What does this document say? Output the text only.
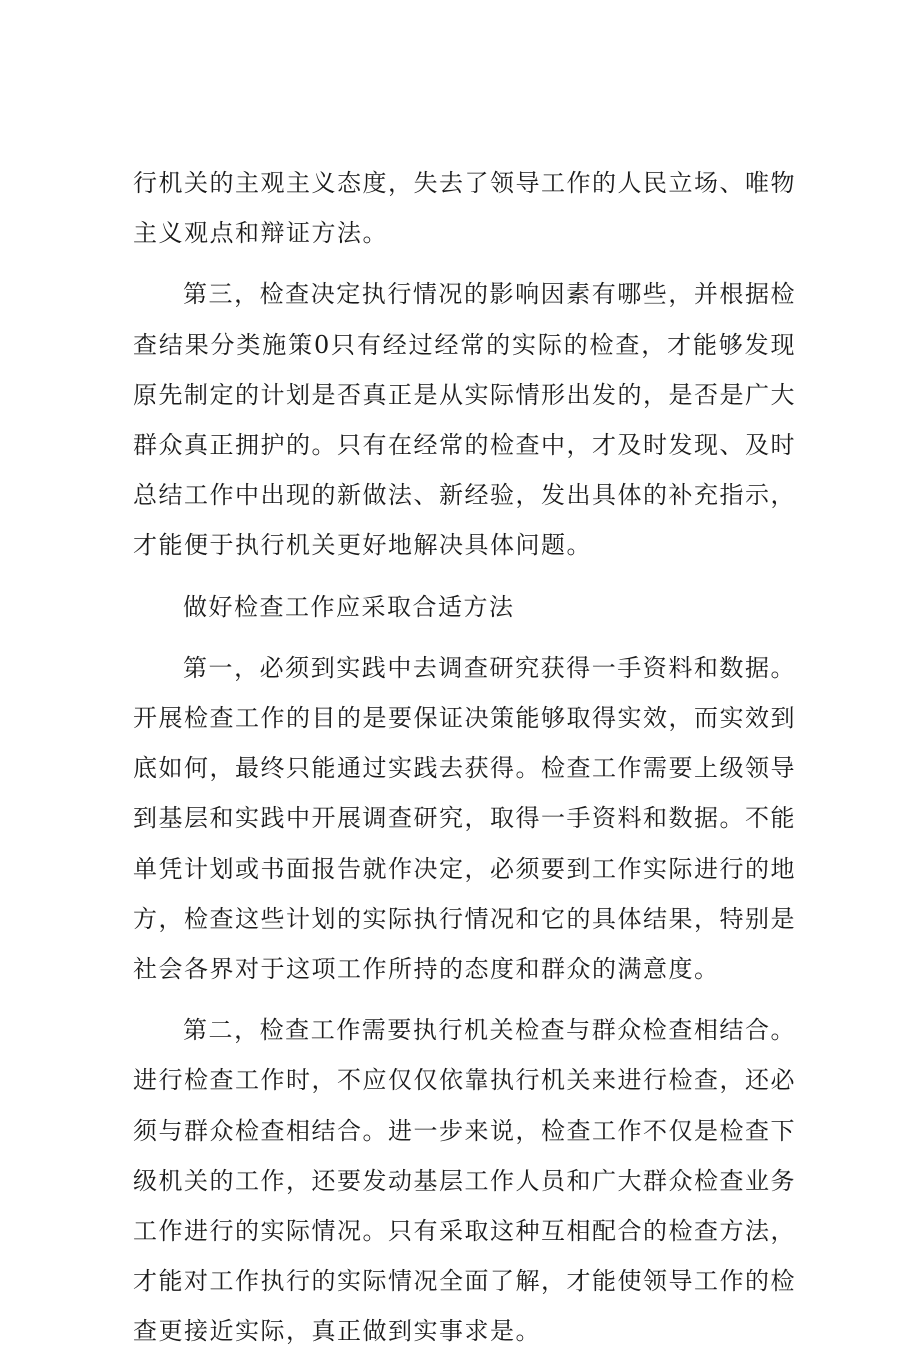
行机关的主观主义态度，失去了领导工作的人民立场、唯物主义观点和辩证方法。

第三，检查决定执行情况的影响因素有哪些，并根据检查结果分类施策0只有经过经常的实际的检查，才能够发现原先制定的计划是否真正是从实际情形出发的，是否是广大群众真正拥护的。只有在经常的检查中，才及时发现、及时总结工作中出现的新做法、新经验，发出具体的补充指示，才能便于执行机关更好地解决具体问题。

做好检查工作应采取合适方法

第一，必须到实践中去调查研究获得一手资料和数据。开展检查工作的目的是要保证决策能够取得实效，而实效到底如何，最终只能通过实践去获得。检查工作需要上级领导到基层和实践中开展调查研究，取得一手资料和数据。不能单凭计划或书面报告就作决定，必须要到工作实际进行的地方，检查这些计划的实际执行情况和它的具体结果，特别是社会各界对于这项工作所持的态度和群众的满意度。

第二，检查工作需要执行机关检查与群众检查相结合。进行检查工作时，不应仅仅依靠执行机关来进行检查，还必须与群众检查相结合。进一步来说，检查工作不仅是检查下级机关的工作，还要发动基层工作人员和广大群众检查业务工作进行的实际情况。只有采取这种互相配合的检查方法，才能对工作执行的实际情况全面了解，才能使领导工作的检查更接近实际，真正做到实事求是。
